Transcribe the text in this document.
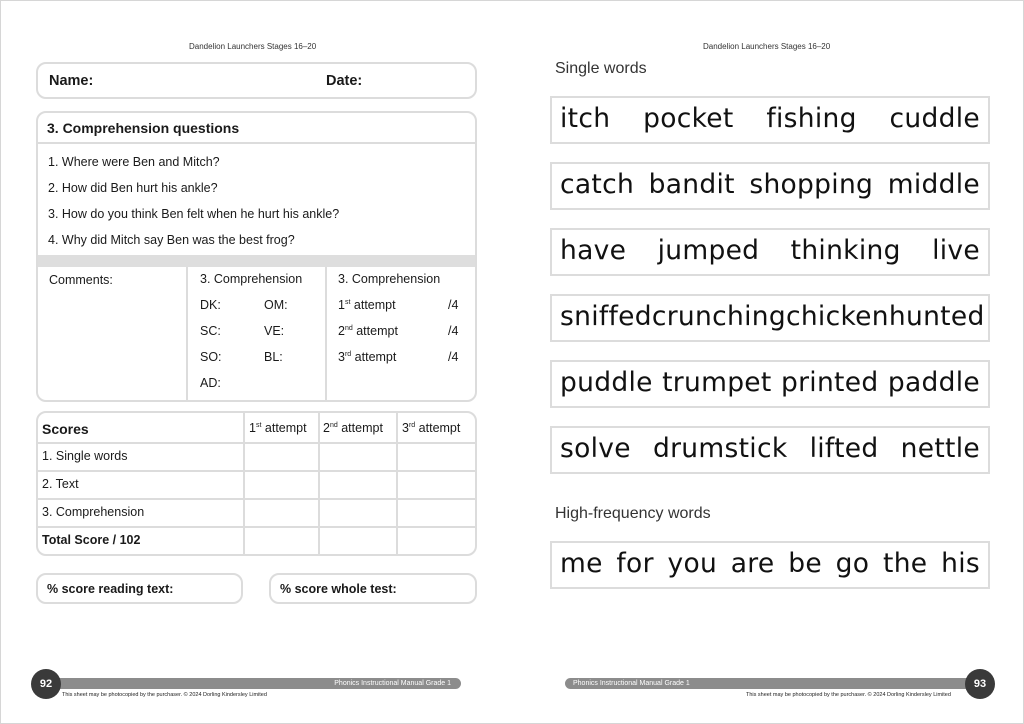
Dandelion Launchers Stages 16–20
Name:	Date:
3. Comprehension questions
1. Where were Ben and Mitch?
2. How did Ben hurt his ankle?
3. How do you think Ben felt when he hurt his ankle?
4. Why did Mitch say Ben was the best frog?
Comments:	3. Comprehension
DK:	OM:
SC:	VE:
SO:	BL:
AD:
3. Comprehension
1st attempt	/4
2nd attempt	/4
3rd attempt	/4
Scores	1st attempt 2nd attempt 3rd attempt
1. Single words
2. Text
3. Comprehension
Total Score / 102
% score reading text:	% score whole test:
Phonics Instructional Manual Grade 1
92
This sheet may be photocopied by the purchaser. © 2024 Dorling Kindersley Limited
Dandelion Launchers Stages 16–20
Single words
itch pocket fishing cuddle
catch bandit shopping middle
have jumped thinking live
sniffed crunching chicken hunted
puddle trumpet printed paddle
solve drumstick lifted nettle
High-frequency words
me for you are be go the his
Phonics Instructional Manual Grade 1	93
This sheet may be photocopied by the purchaser. © 2024 Dorling Kindersley Limited
